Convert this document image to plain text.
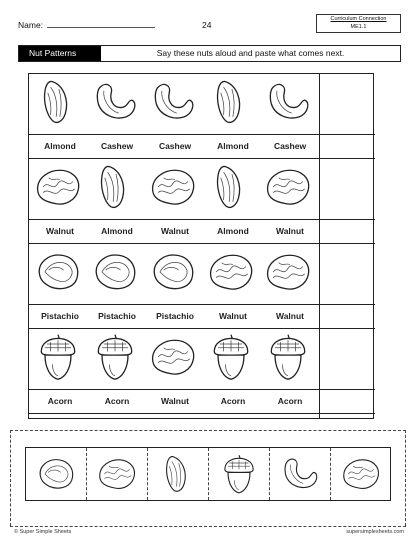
Name:	24
Curriculum Connection
ME1.1
Nut Patterns	Say these nuts aloud and paste what comes next.
Almond	Cashew	Cashew	Almond	Cashew
Walnut	Almond	Walnut	Almond	Walnut
Pistachio	Pistachio	Pistachio	Walnut	Walnut
Acorn	Acorn	Walnut	Acorn	Acorn
© Super Simple Sheets	supersimplesheets.com
